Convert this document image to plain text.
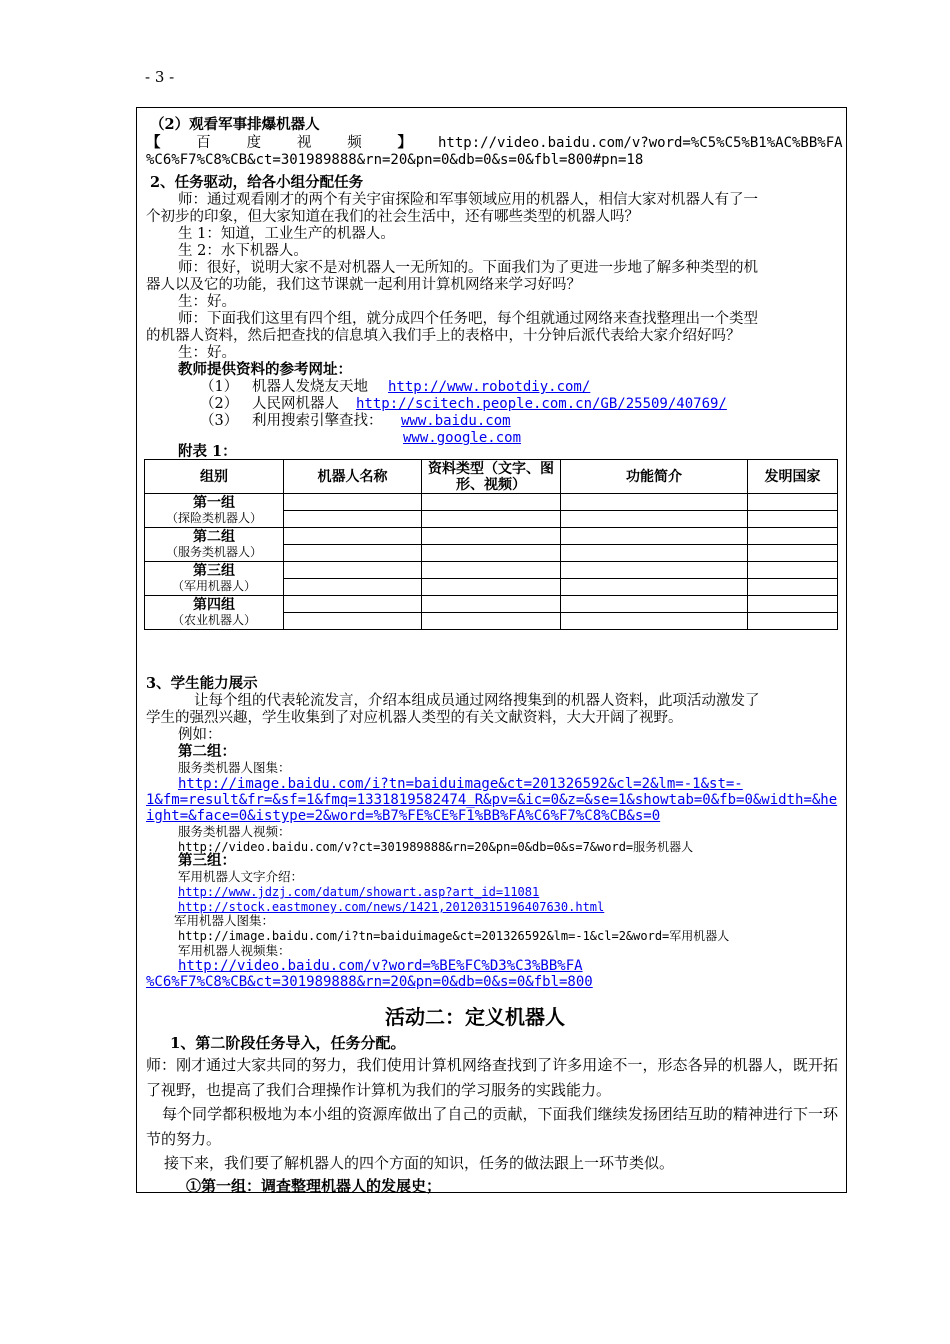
- 3 -
（2）观看军事排爆机器人
【 百 度 视 频 】 http://video.baidu.com/v?word=%C5%C5%B1%AC%BB%FA
%C6%F7%C8%CB&ct=301989888&rn=20&pn=0&db=0&s=0&fbl=800#pn=18
2、任务驱动，给各小组分配任务
师：通过观看刚才的两个有关宇宙探险和军事领域应用的机器人，相信大家对机器人有了一
个初步的印象，但大家知道在我们的社会生活中，还有哪些类型的机器人吗？
生 1：知道，工业生产的机器人。
生 2：水下机器人。
师：很好，说明大家不是对机器人一无所知的。下面我们为了更进一步地了解多种类型的机
器人以及它的功能，我们这节课就一起利用计算机网络来学习好吗？
生：好。
师：下面我们这里有四个组，就分成四个任务吧，每个组就通过网络来查找整理出一个类型
的机器人资料，然后把查找的信息填入我们手上的表格中，十分钟后派代表给大家介绍好吗？
生：好。
教师提供资料的参考网址：
（1） 机器人发烧友天地 http://www.robotdiy.com/
（2） 人民网机器人 http://scitech.people.com.cn/GB/25509/40769/
（3） 利用搜索引擎查找： www.baidu.com
www.google.com
附表 1：
组别	机器人名称	资料类型（文字、图形、视频）	功能简介	发明国家

第一组
（探险类机器人）				

第二组
（服务类机器人）				

第三组
（军用机器人）				

第四组
（农业机器人）				

3、学生能力展示
让每个组的代表轮流发言，介绍本组成员通过网络搜集到的机器人资料，此项活动激发了
学生的强烈兴趣，学生收集到了对应机器人类型的有关文献资料，大大开阔了视野。
例如：
第二组：
服务类机器人图集：
http://image.baidu.com/i?tn=baiduimage&ct=201326592&cl=2&lm=-1&st=-
1&fm=result&fr=&sf=1&fmq=1331819582474_R&pv=&ic=0&z=&se=1&showtab=0&fb=0&width=&he
ight=&face=0&istype=2&word=%B7%FE%CE%F1%BB%FA%C6%F7%C8%CB&s=0
服务类机器人视频：
http://video.baidu.com/v?ct=301989888&rn=20&pn=0&db=0&s=7&word=服务机器人
第三组：
军用机器人文字介绍：
http://www.jdzj.com/datum/showart.asp?art_id=11081
http://stock.eastmoney.com/news/1421,20120315196407630.html
军用机器人图集：
http://image.baidu.com/i?tn=baiduimage&ct=201326592&lm=-1&cl=2&word=军用机器人
军用机器人视频集：
http://video.baidu.com/v?word=%BE%FC%D3%C3%BB%FA
%C6%F7%C8%CB&ct=301989888&rn=20&pn=0&db=0&s=0&fbl=800
活动二：定义机器人
1、第二阶段任务导入，任务分配。
师：刚才通过大家共同的努力，我们使用计算机网络查找到了许多用途不一，形态各异的机器人，既开拓了视野，也提高了我们合理操作计算机为我们的学习服务的实践能力。
每个同学都积极地为本小组的资源库做出了自己的贡献，下面我们继续发扬团结互助的精神进行下一环节的努力。
接下来，我们要了解机器人的四个方面的知识，任务的做法跟上一环节类似。
①第一组：调查整理机器人的发展史；
